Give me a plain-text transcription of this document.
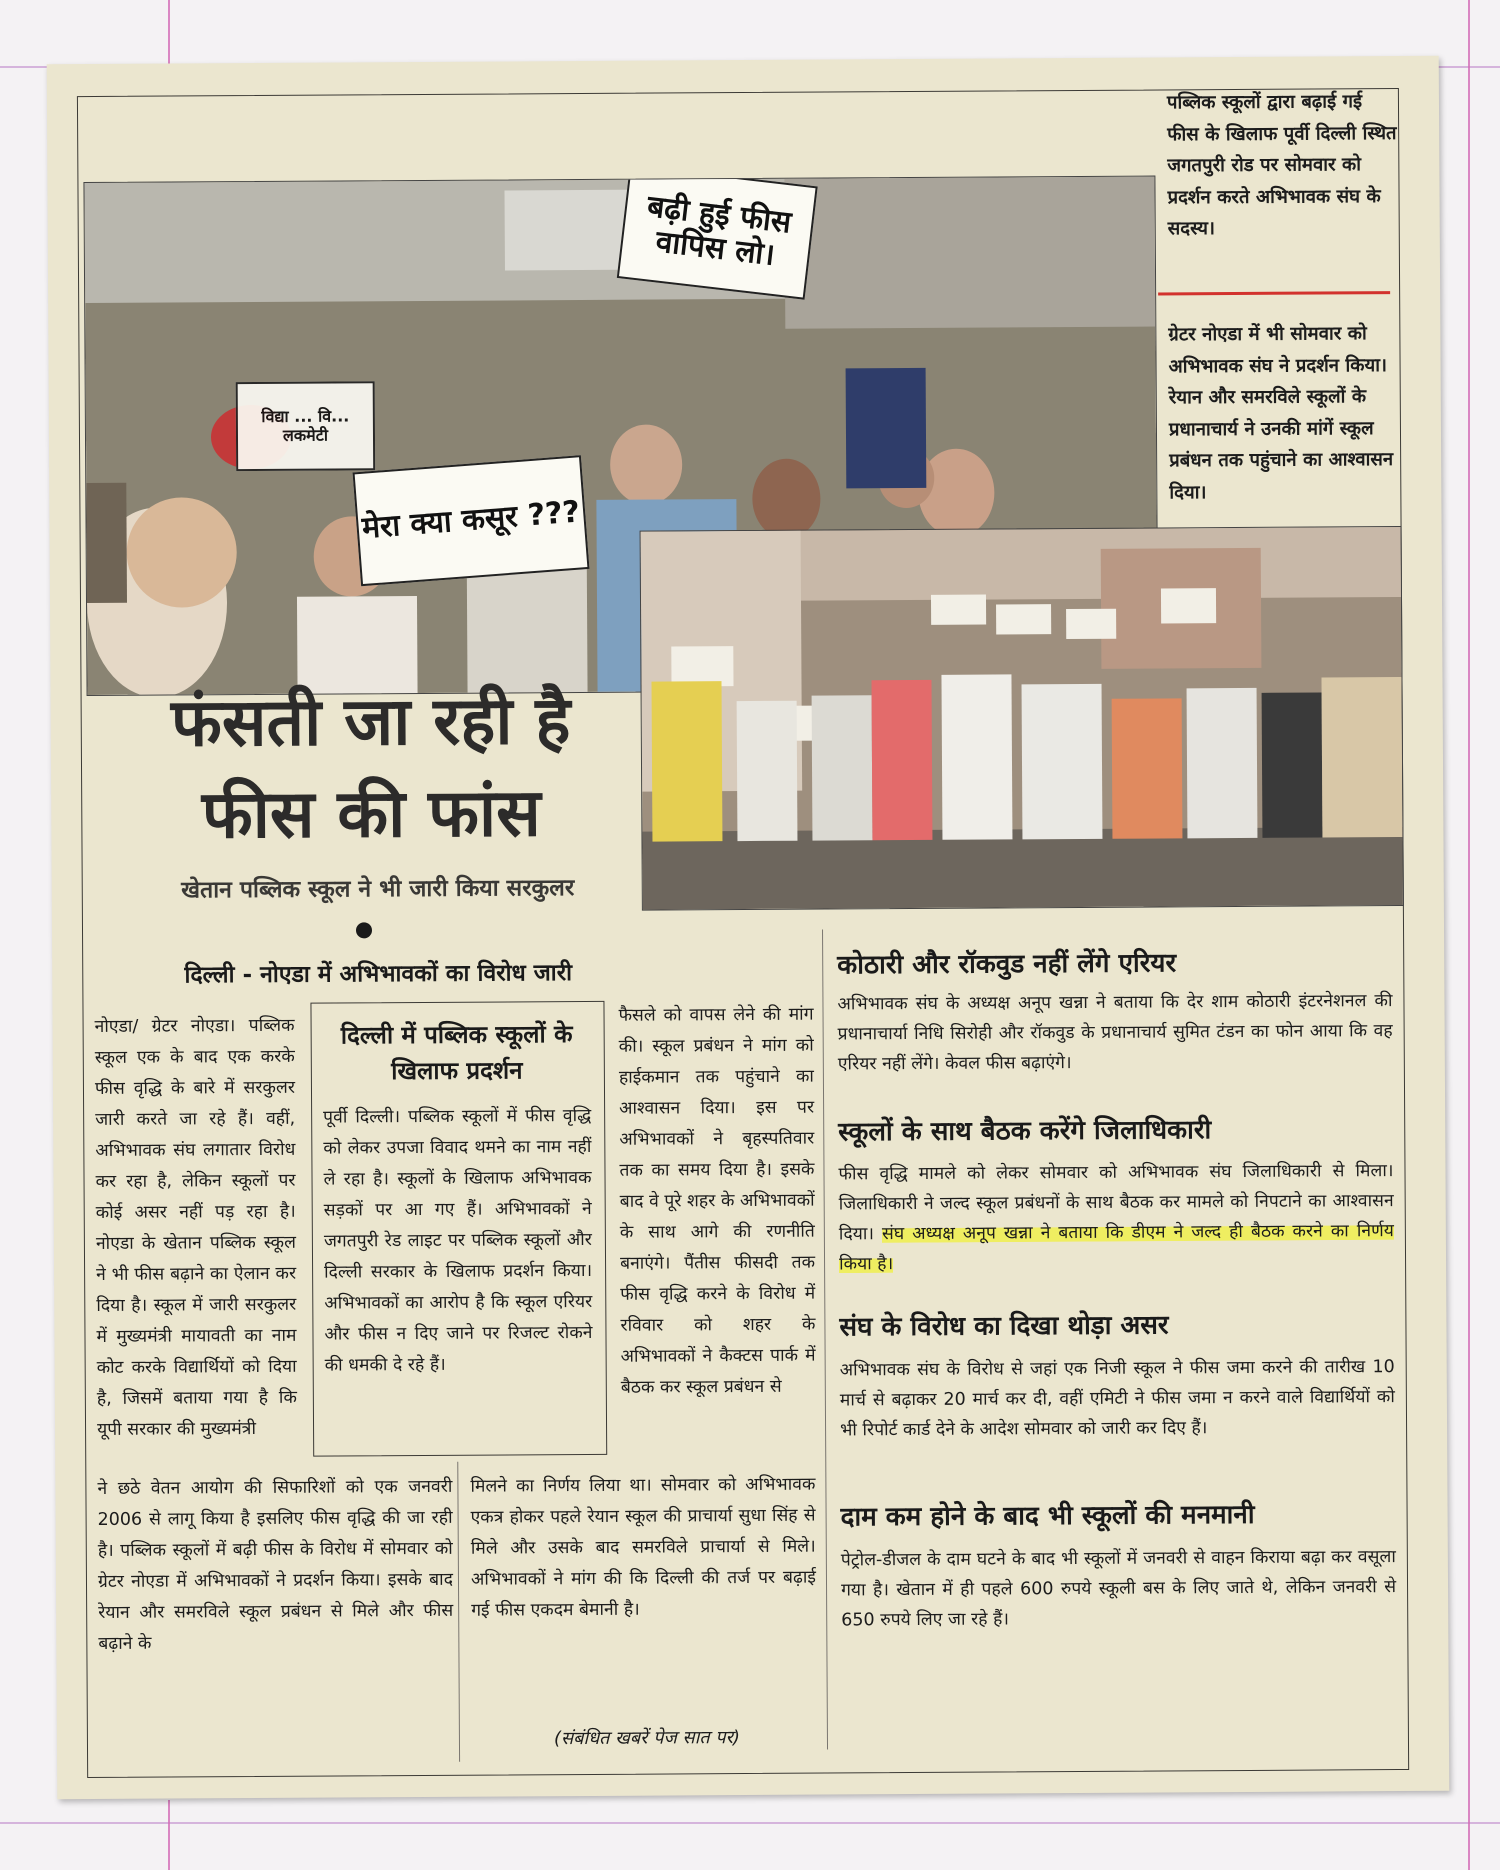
बढ़ी हुई फीस वापिस लो।
मेरा क्या कसूर ???
विद्या ... वि... लकमेटी
पब्लिक स्कूलों द्वारा बढ़ाई गई फीस के खिलाफ पूर्वी दिल्ली स्थित जगतपुरी रोड पर सोमवार को प्रदर्शन करते अभिभावक संघ के सदस्य।
ग्रेटर नोएडा में भी सोमवार को अभिभावक संघ ने प्रदर्शन किया। रेयान और समरविले स्कूलों के प्रधानाचार्य ने उनकी मांगें स्कूल प्रबंधन तक पहुंचाने का आश्वासन दिया।
फंसती जा रही है
फीस की फांस
खेतान पब्लिक स्कूल ने भी जारी किया सरकुलर
दिल्ली - नोएडा में अभिभावकों का विरोध जारी
नोएडा/ ग्रेटर नोएडा। पब्लिक स्कूल एक के बाद एक करके फीस वृद्धि के बारे में सरकुलर जारी करते जा रहे हैं। वहीं, अभिभावक संघ लगातार विरोध कर रहा है, लेकिन स्कूलों पर कोई असर नहीं पड़ रहा है। नोएडा के खेतान पब्लिक स्कूल ने भी फीस बढ़ाने का ऐलान कर दिया है। स्कूल में जारी सरकुलर में मुख्यमंत्री मायावती का नाम कोट करके विद्यार्थियों को दिया है, जिसमें बताया गया है कि यूपी सरकार की मुख्यमंत्री
दिल्ली में पब्लिक स्कूलों के खिलाफ प्रदर्शन
पूर्वी दिल्ली। पब्लिक स्कूलों में फीस वृद्धि को लेकर उपजा विवाद थमने का नाम नहीं ले रहा है। स्कूलों के खिलाफ अभिभावक सड़कों पर आ गए हैं। अभिभावकों ने जगतपुरी रेड लाइट पर पब्लिक स्कूलों और दिल्ली सरकार के खिलाफ प्रदर्शन किया। अभिभावकों का आरोप है कि स्कूल एरियर और फीस न दिए जाने पर रिजल्ट रोकने की धमकी दे रहे हैं।
फैसले को वापस लेने की मांग की। स्कूल प्रबंधन ने मांग को हाईकमान तक पहुंचाने का आश्वासन दिया। इस पर अभिभावकों ने बृहस्पतिवार तक का समय दिया है। इसके बाद वे पूरे शहर के अभिभावकों के साथ आगे की रणनीति बनाएंगे। पैंतीस फीसदी तक फीस वृद्धि करने के विरोध में रविवार को शहर के अभिभावकों ने कैक्टस पार्क में बैठक कर स्कूल प्रबंधन से
ने छठे वेतन आयोग की सिफारिशों को एक जनवरी 2006 से लागू किया है इसलिए फीस वृद्धि की जा रही है। पब्लिक स्कूलों में बढ़ी फीस के विरोध में सोमवार को ग्रेटर नोएडा में अभिभावकों ने प्रदर्शन किया। इसके बाद रेयान और समरविले स्कूल प्रबंधन से मिले और फीस बढ़ाने के
मिलने का निर्णय लिया था। सोमवार को अभिभावक एकत्र होकर पहले रेयान स्कूल की प्राचार्या सुधा सिंह से मिले और उसके बाद समरविले प्राचार्या से मिले। अभिभावकों ने मांग की कि दिल्ली की तर्ज पर बढ़ाई गई फीस एकदम बेमानी है।
(संबंधित खबरें पेज सात पर)
कोठारी और रॉकवुड नहीं लेंगे एरियर
अभिभावक संघ के अध्यक्ष अनूप खन्ना ने बताया कि देर शाम कोठारी इंटरनेशनल की प्रधानाचार्या निधि सिरोही और रॉकवुड के प्रधानाचार्य सुमित टंडन का फोन आया कि वह एरियर नहीं लेंगे। केवल फीस बढ़ाएंगे।
स्कूलों के साथ बैठक करेंगे जिलाधिकारी
फीस वृद्धि मामले को लेकर सोमवार को अभिभावक संघ जिलाधिकारी से मिला। जिलाधिकारी ने जल्द स्कूल प्रबंधनों के साथ बैठक कर मामले को निपटाने का आश्वासन दिया। संघ अध्यक्ष अनूप खन्ना ने बताया कि डीएम ने जल्द ही बैठक करने का निर्णय किया है।
संघ के विरोध का दिखा थोड़ा असर
अभिभावक संघ के विरोध से जहां एक निजी स्कूल ने फीस जमा करने की तारीख 10 मार्च से बढ़ाकर 20 मार्च कर दी, वहीं एमिटी ने फीस जमा न करने वाले विद्यार्थियों को भी रिपोर्ट कार्ड देने के आदेश सोमवार को जारी कर दिए हैं।
दाम कम होने के बाद भी स्कूलों की मनमानी
पेट्रोल-डीजल के दाम घटने के बाद भी स्कूलों में जनवरी से वाहन किराया बढ़ा कर वसूला गया है। खेतान में ही पहले 600 रुपये स्कूली बस के लिए जाते थे, लेकिन जनवरी से 650 रुपये लिए जा रहे हैं।
